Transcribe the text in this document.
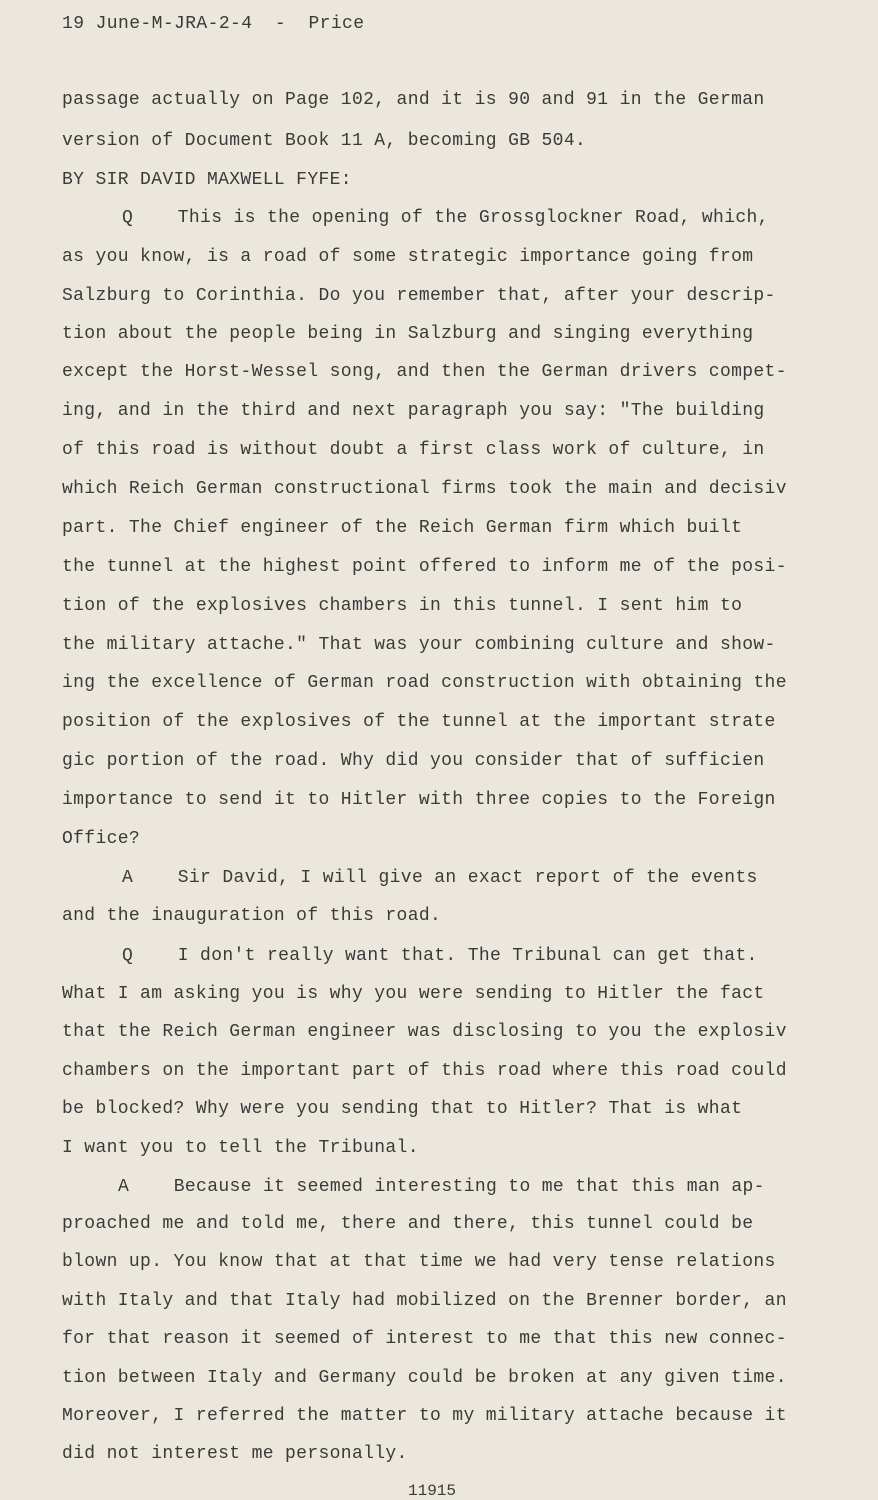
19 June-M-JRA-2-4  -  Price
passage actually on Page 102, and it is 90 and 91 in the German
version of Document Book 11 A, becoming GB 504.
BY SIR DAVID MAXWELL FYFE:
Q    This is the opening of the Grossglockner Road, which,
as you know, is a road of some strategic importance going from
Salzburg to Corinthia. Do you remember that, after your descrip-
tion about the people being in Salzburg and singing everything
except the Horst-Wessel song, and then the German drivers compet-
ing, and in the third and next paragraph you say: "The building
of this road is without doubt a first class work of culture, in
which Reich German constructional firms took the main and decisiv
part. The Chief engineer of the Reich German firm which built
the tunnel at the highest point offered to inform me of the posi-
tion of the explosives chambers in this tunnel. I sent him to
the military attache." That was your combining culture and show-
ing the excellence of German road construction with obtaining the
position of the explosives of the tunnel at the important strate
gic portion of the road. Why did you consider that of sufficien
importance to send it to Hitler with three copies to the Foreign
Office?
A    Sir David, I will give an exact report of the events
and the inauguration of this road.
Q    I don't really want that. The Tribunal can get that.
What I am asking you is why you were sending to Hitler the fact
that the Reich German engineer was disclosing to you the explosiv
chambers on the important part of this road where this road could
be blocked? Why were you sending that to Hitler? That is what
I want you to tell the Tribunal.
A    Because it seemed interesting to me that this man ap-
proached me and told me, there and there, this tunnel could be
blown up. You know that at that time we had very tense relations
with Italy and that Italy had mobilized on the Brenner border, an
for that reason it seemed of interest to me that this new connec-
tion between Italy and Germany could be broken at any given time.
Moreover, I referred the matter to my military attache because it
did not interest me personally.
11915
